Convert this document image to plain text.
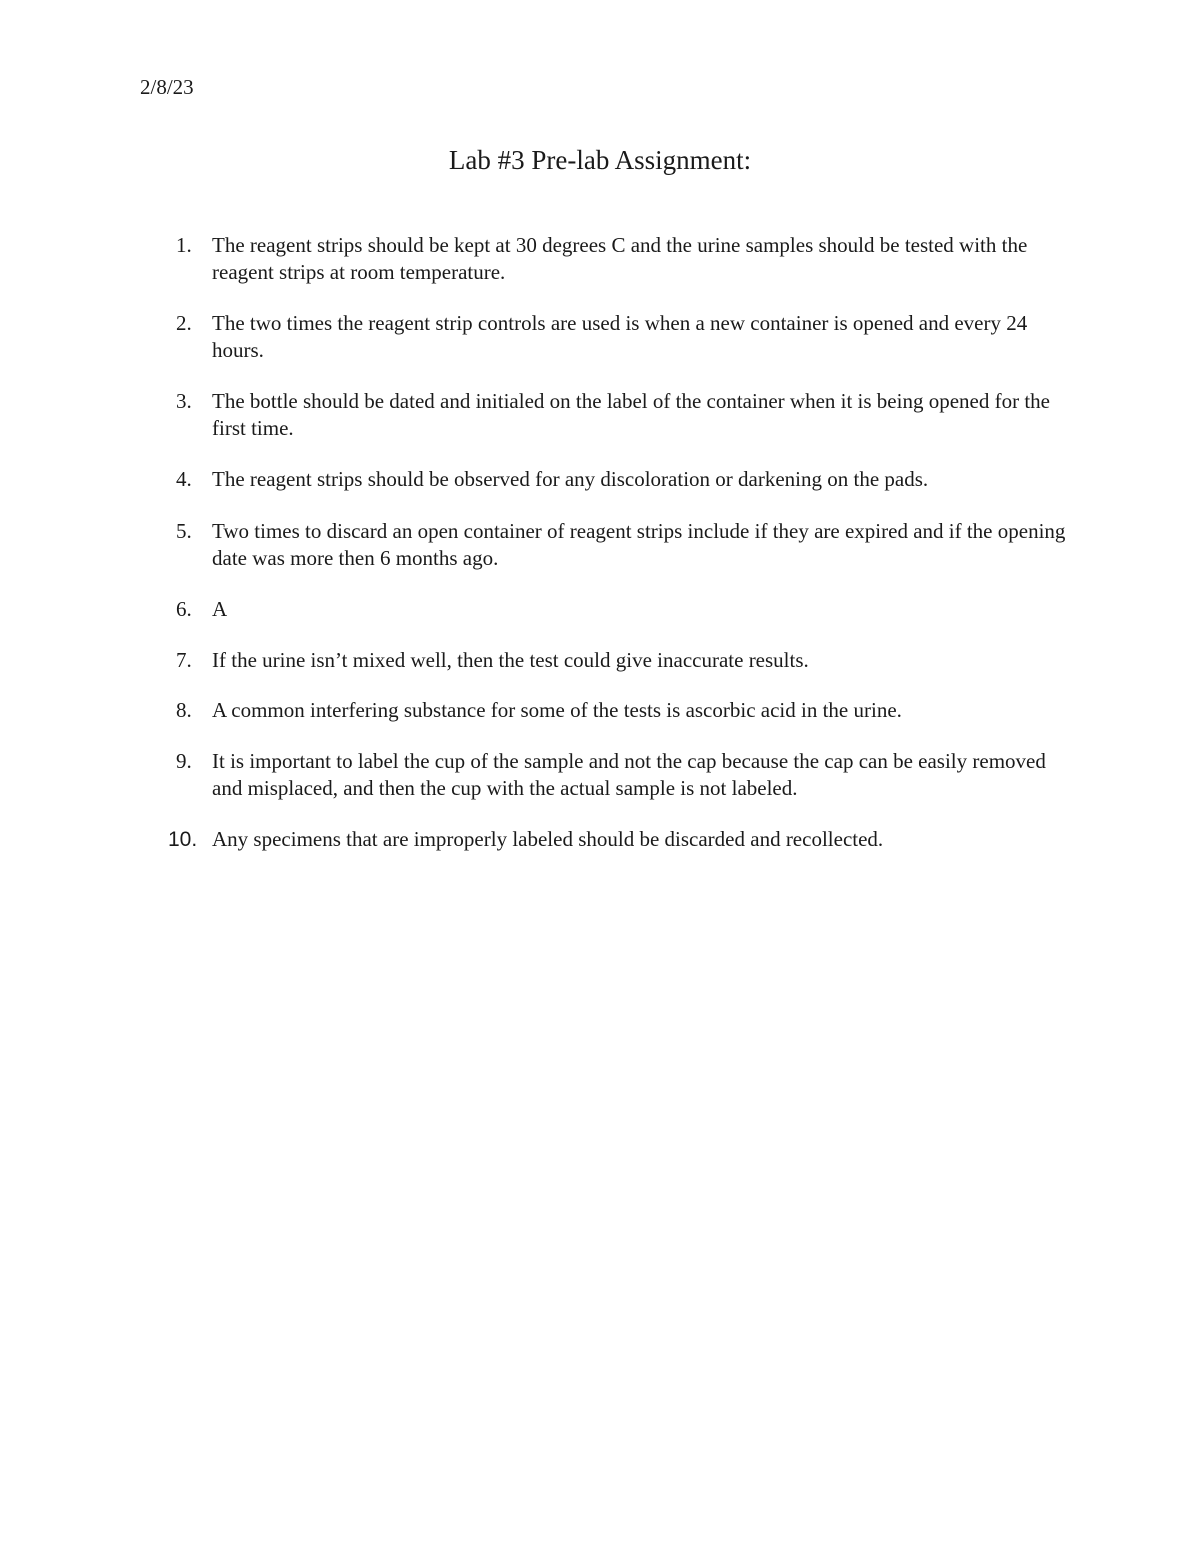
2/8/23
Lab #3 Pre-lab Assignment:
1. The reagent strips should be kept at 30 degrees C and the urine samples should be tested with the reagent strips at room temperature.
2. The two times the reagent strip controls are used is when a new container is opened and every 24 hours.
3. The bottle should be dated and initialed on the label of the container when it is being opened for the first time.
4. The reagent strips should be observed for any discoloration or darkening on the pads.
5. Two times to discard an open container of reagent strips include if they are expired and if the opening date was more then 6 months ago.
6. A
7. If the urine isn’t mixed well, then the test could give inaccurate results.
8. A common interfering substance for some of the tests is ascorbic acid in the urine.
9. It is important to label the cup of the sample and not the cap because the cap can be easily removed and misplaced, and then the cup with the actual sample is not labeled.
10. Any specimens that are improperly labeled should be discarded and recollected.
